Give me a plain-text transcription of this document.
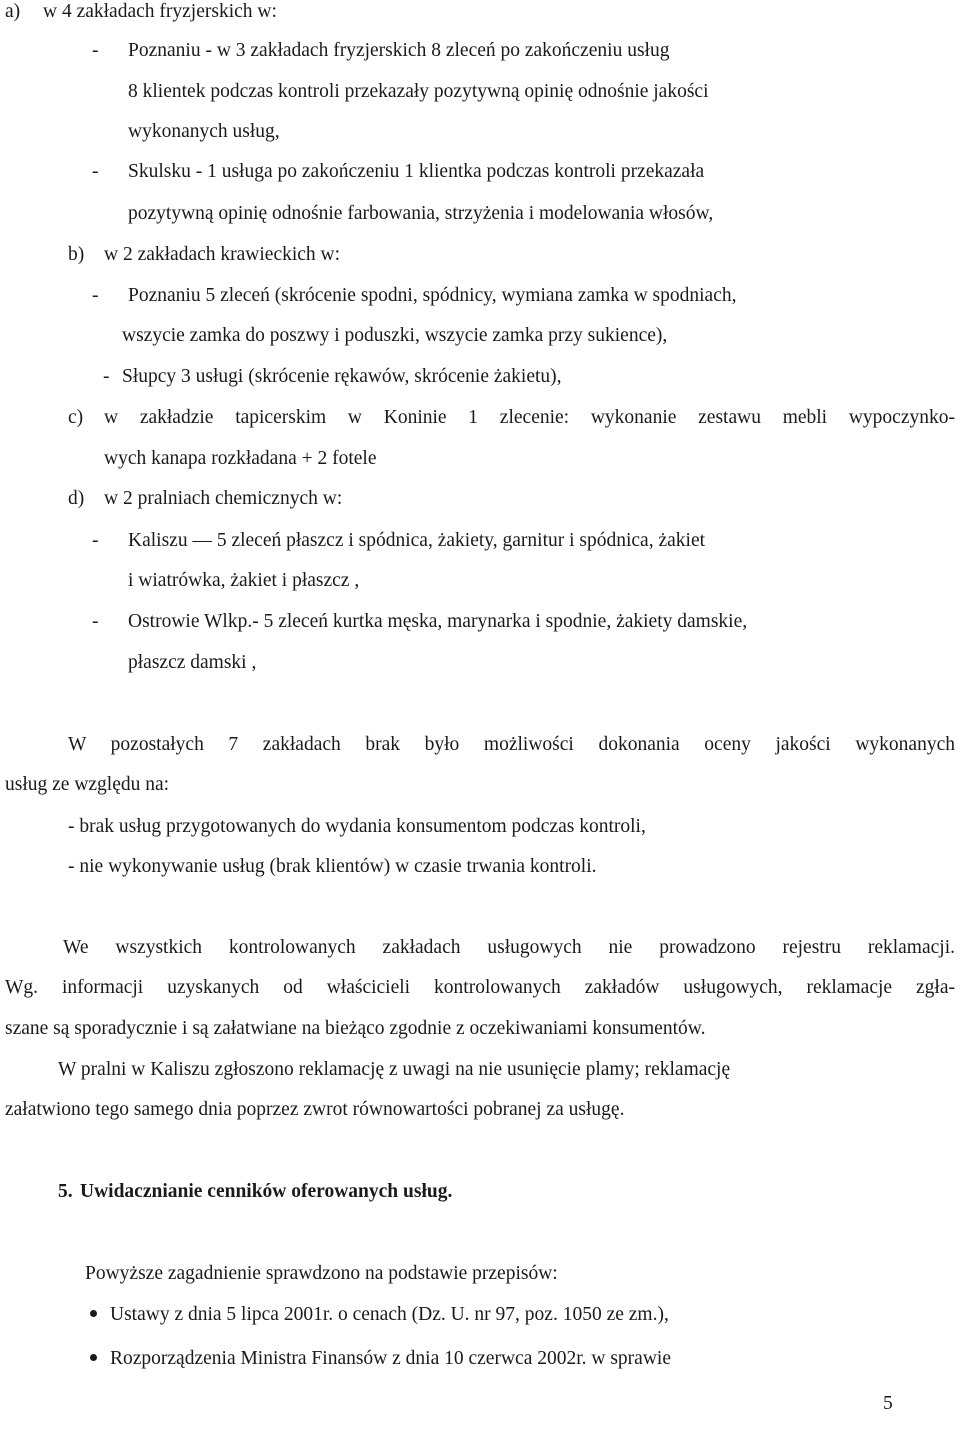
a) w 4 zakładach fryzjerskich w:
- Poznaniu - w 3 zakładach fryzjerskich 8 zleceń po zakończeniu usług
8 klientek podczas kontroli przekazały pozytywną opinię odnośnie jakości
wykonanych usług,
- Skulsku - 1 usługa po zakończeniu 1 klientka podczas kontroli przekazała
pozytywną opinię odnośnie farbowania, strzyżenia i modelowania włosów,
b) w 2 zakładach krawieckich w:
- Poznaniu 5 zleceń (skrócenie spodni, spódnicy, wymiana zamka w spodniach,
wszycie zamka do poszwy i poduszki, wszycie zamka przy sukience),
- Słupcy 3 usługi (skrócenie rękawów, skrócenie żakietu),
c) w zakładzie tapicerskim w Koninie 1 zlecenie: wykonanie zestawu mebli wypoczynko-
wych kanapa rozkładana + 2 fotele
d) w 2 pralniach chemicznych w:
- Kaliszu — 5 zleceń płaszcz i spódnica, żakiety, garnitur i spódnica, żakiet
i wiatrówka, żakiet i płaszcz ,
- Ostrowie Wlkp.- 5 zleceń kurtka męska, marynarka i spodnie, żakiety damskie,
płaszcz damski ,
W pozostałych 7 zakładach brak było możliwości dokonania oceny jakości wykonanych
usług ze względu na:
- brak usług przygotowanych do wydania konsumentom podczas kontroli,
- nie wykonywanie usług (brak klientów) w czasie trwania kontroli.
We wszystkich kontrolowanych zakładach usługowych nie prowadzono rejestru reklamacji.
Wg. informacji uzyskanych od właścicieli kontrolowanych zakładów usługowych, reklamacje zgła-
szane są sporadycznie i są załatwiane na bieżąco zgodnie z oczekiwaniami konsumentów.
W pralni w Kaliszu zgłoszono reklamację z uwagi na nie usunięcie plamy; reklamację
załatwiono tego samego dnia poprzez zwrot równowartości pobranej za usługę.
5. Uwidacznianie cenników oferowanych usług.
Powyższe zagadnienie sprawdzono na podstawie przepisów:
Ustawy z dnia 5 lipca 2001r. o cenach (Dz. U. nr 97, poz. 1050 ze zm.),
Rozporządzenia Ministra Finansów z dnia 10 czerwca 2002r. w sprawie
5
